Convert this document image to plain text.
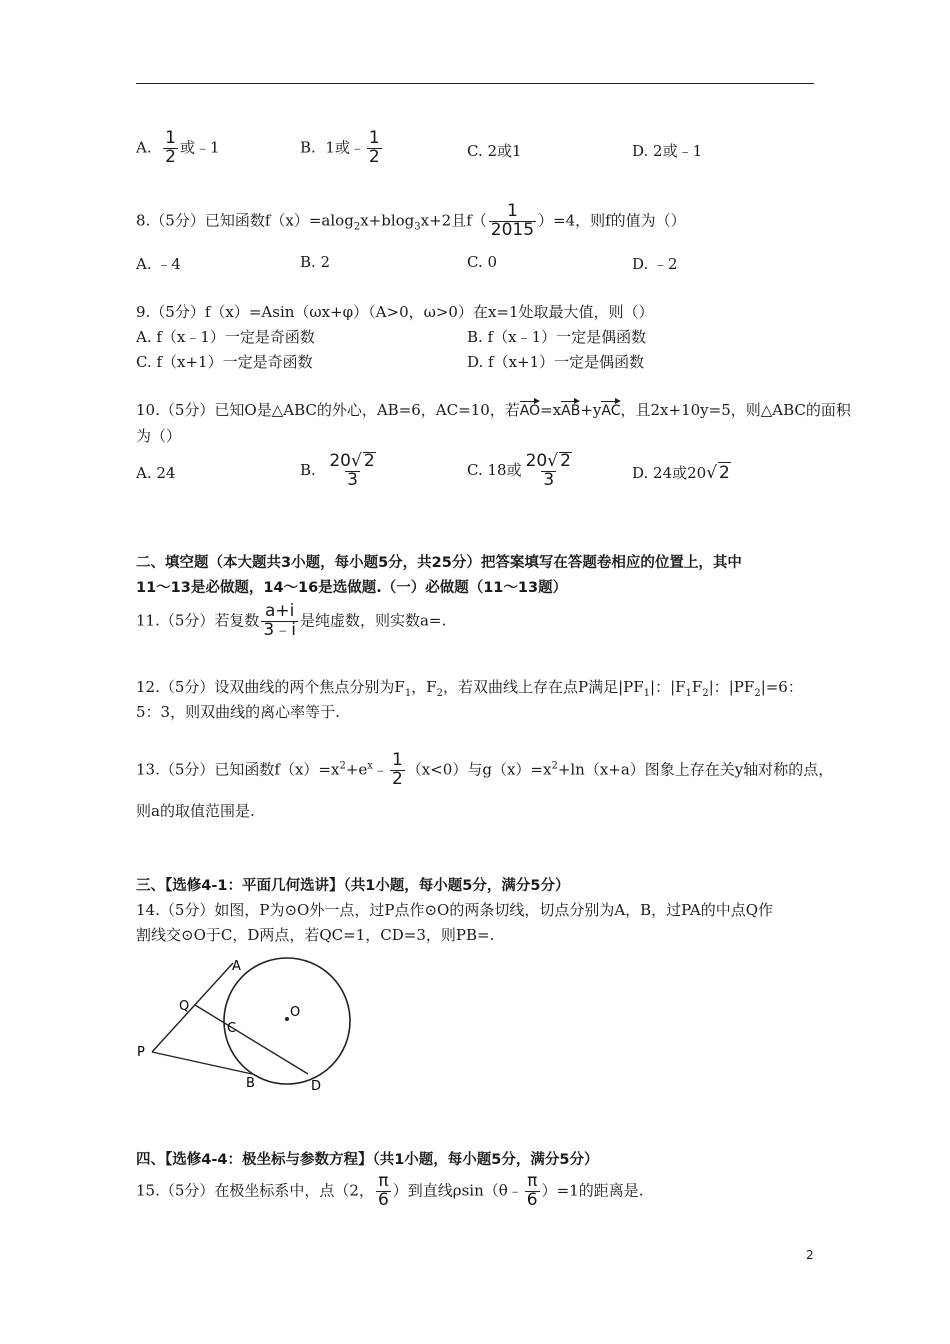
A. $\frac{1}{2}$ 或﹣1	B. 1或﹣ $\frac{1}{2}$	C. 2或1	D. 2或﹣1
8.（5分）已知函数f（x）=alog$_2$x+blog$_3$x+2且$f( \frac{1}{2015} )=4$，则f的值为（）
A. ﹣4	B. 2	C. 0	D. ﹣2
9.（5分）f（x）=Asin（ωx+φ）（A>0，ω>0）在x=1处取最大值，则（）
A. f（x﹣1）一定是奇函数	B. f（x﹣1）一定是偶函数
C. f（x+1）一定是奇函数	D. f（x+1）一定是偶函数
10.（5分）已知O是△ABC的外心，AB=6，AC=10，若AO=xAB+yAC，且2x+10y=5，则△ABC的面积
为（）
A. 24	B. $\frac{20 √ 2}{3}$	C. 18或 $\frac{20 √ 2}{3}$	D. 24或20 √ 2
二、填空题（本大题共3小题，每小题5分，共25分）把答案填写在答题卷相应的位置上，其中
11～13是必做题，14～16是选做题.（一）必做题（11～13题）
11.（5分）若复数 $\frac{a+i}{3﹣i}$ 是纯虚数，则实数a=.
12.（5分）设双曲线的两个焦点分别为$F_1$，$F_2$，若双曲线上存在点P满足$|PF_1|$：$|F_1F_2|$：$|PF_2|=6$：
5：3，则双曲线的离心率等于.
13.（5分）已知函数$f(x)=x^2+e^x﹣ \frac{1}{2} (x<0)$与$g(x)=x^2+\ln(x+a)$图象上存在关y轴对称的点，
则a的取值范围是.
三、【选修4-1：平面几何选讲】（共1小题，每小题5分，满分5分）
14.（5分）如图，P为⊙O外一点，过P点作⊙O的两条切线，切点分别为A，B，过PA的中点Q作
割线交⊙O于C，D两点，若QC=1，CD=3，则PB=.
A
O
Q
C
P
B	D
四、【选修4-4：极坐标与参数方程】（共1小题，每小题5分，满分5分）
15.（5分）在极坐标系中，点（2， $\frac{\pi}{6}$ ）到直线ρsin（θ﹣ $\frac{\pi}{6} )=1$的距离是.
2
